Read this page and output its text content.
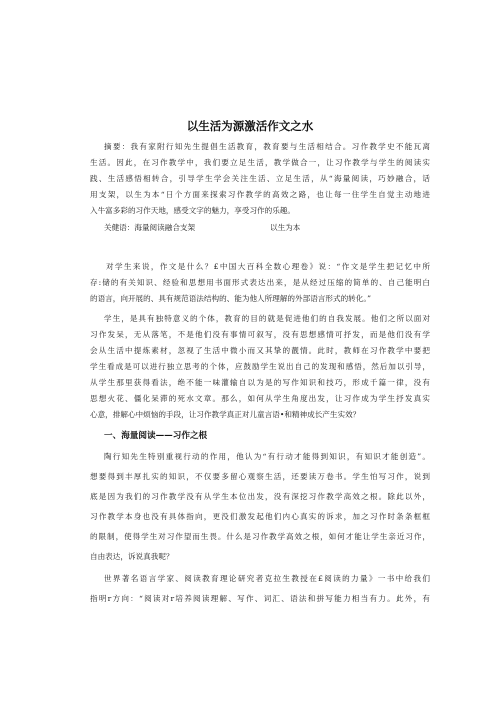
以生活为源激活作文之水
摘要：我有家附行知先生提倡生活教育，教育要与生活相结合。习作教学史不能瓦离
生活。因此，在习作教学中，我们要立足生活，教学做合一，让习作教学与学生的阅读实
践、生活感悟相转合，引导学生学会关注生活、立足生活，从“海量阅读，巧妙融合，话
用支架，以生为本“日个方面来探索习作教学的高效之路，也让每一住学生自觉主动地进
入牛富多彩的习作天地，感受文字的魅力，享受习作的乐趣。
关健语：海量阅读融合支架	以生为本
对学生来说，作文是什么？£中国大百科全数心理卷》说：“作文是学生把记忆中所
存:储的有关知识、经验和思想用书面形式表达出来，是从经过压缩的简单的、自己能明白
的语言，向开展的、具有规范语法结构的、能为他人所理解的外部语言形式的转化。”
学生，是具有独特意义的个体，教育的目的就是促进他们的自我发展。他们之所以面对
习作发呆，无从落笔，不是他们没有事情可叙写，没有思想感情可抒发，而是他们没有学
会从生活中提炼素材，忽视了生活中微小而又其挚的靓情。此时，教师在习作教学中要把
学生看成是可以进行独立思考的个体，应鼓励学生说出自己的发现和感悟，然后加以引导，
从学生那里获得看法，绝不能一味灌输自以为是的写作知识和技巧，形成千篇一律，没有
思想火花、僵化呆滞的死水文章。那么，如何从学生角度出发，让习作成为学生抒发真实
心意，排解心中烦恼的手段，让习作教学真正对儿童言语•和精神成长产生实效？
一、海量阅读——习作之根
陶行知先生特别重视行动的作用，他认为“有行动才能得到知识，有知识才能创造”。
想要得到丰厚扎实的知识，不仅要多留心观察生活，还要读万卷书。学生怕写习作，说到
底是因为我们的习作教学没有从学生本位出发，没有深挖习作教学高效之根。除此以外，
习作教学本身也没有具体指向，更没们激发起他们内心真实的诉求，加之习作时条条框框
的限制，使得学生对习作望而生畏。什么是习作教学高效之根，如何才能让学生亲近习作，
自由表达，诉说真我呢？
世界著名语言学家、阅读教育理论研究者克拉生教授在£阅读的力量》一书中给我们
指明r方向：“阅读对r培养阅读理解、写作、词汇、语法和拼写能力相当有力。此外，有
